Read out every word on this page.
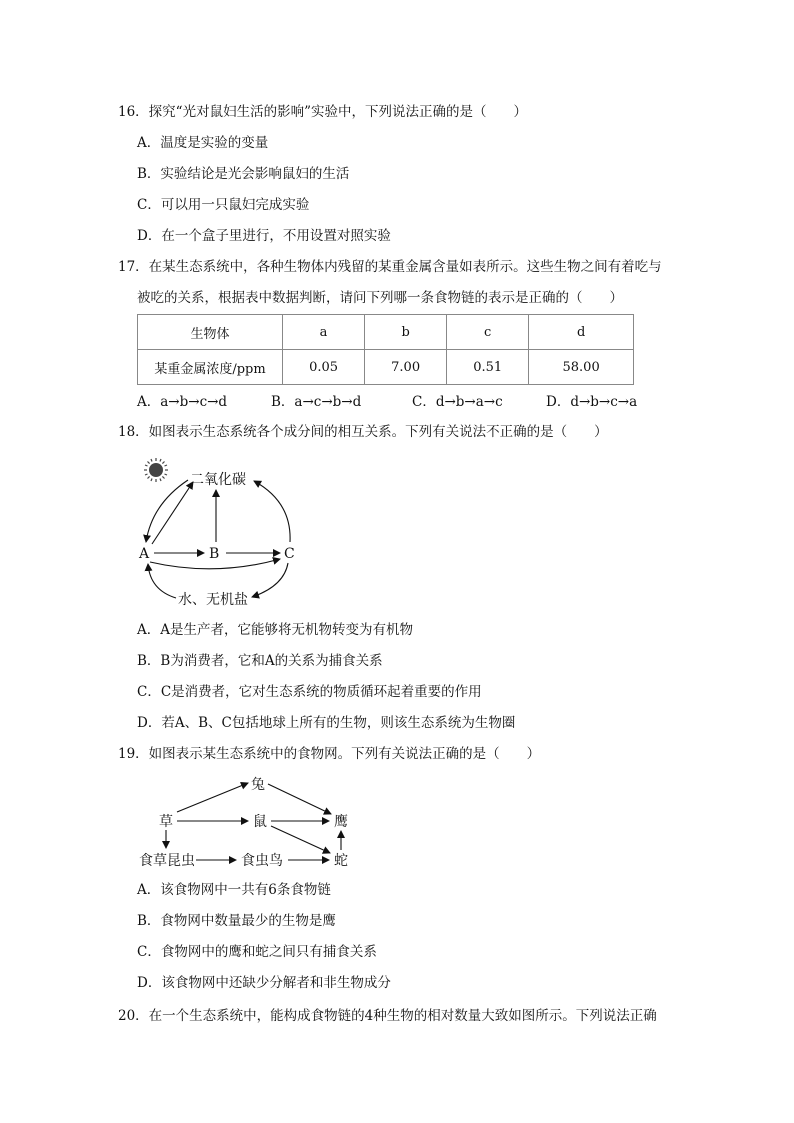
16．探究“光对鼠妇生活的影响”实验中，下列说法正确的是（　　）
A．温度是实验的变量
B．实验结论是光会影响鼠妇的生活
C．可以用一只鼠妇完成实验
D．在一个盒子里进行，不用设置对照实验
17．在某生态系统中，各种生物体内残留的某重金属含量如表所示。这些生物之间有着吃与
被吃的关系，根据表中数据判断，请问下列哪一条食物链的表示是正确的（　　）
生物体	a	b	c	d
某重金属浓度/ppm	0.05	7.00	0.51	58.00
A．a→b→c→d	B．a→c→b→d	C．d→b→a→c	D．d→b→c→a
18．如图表示生态系统各个成分间的相互关系。下列有关说法不正确的是（　　）
二氧化碳
A	B	C
水、无机盐
A．A是生产者，它能够将无机物转变为有机物
B．B为消费者，它和A的关系为捕食关系
C．C是消费者，它对生态系统的物质循环起着重要的作用
D．若A、B、C包括地球上所有的生物，则该生态系统为生物圈
19．如图表示某生态系统中的食物网。下列有关说法正确的是（　　）
兔
草	鼠	鹰
食草昆虫	食虫鸟	蛇
A．该食物网中一共有6条食物链
B．食物网中数量最少的生物是鹰
C．食物网中的鹰和蛇之间只有捕食关系
D．该食物网中还缺少分解者和非生物成分
20．在一个生态系统中，能构成食物链的4种生物的相对数量大致如图所示。下列说法正确
